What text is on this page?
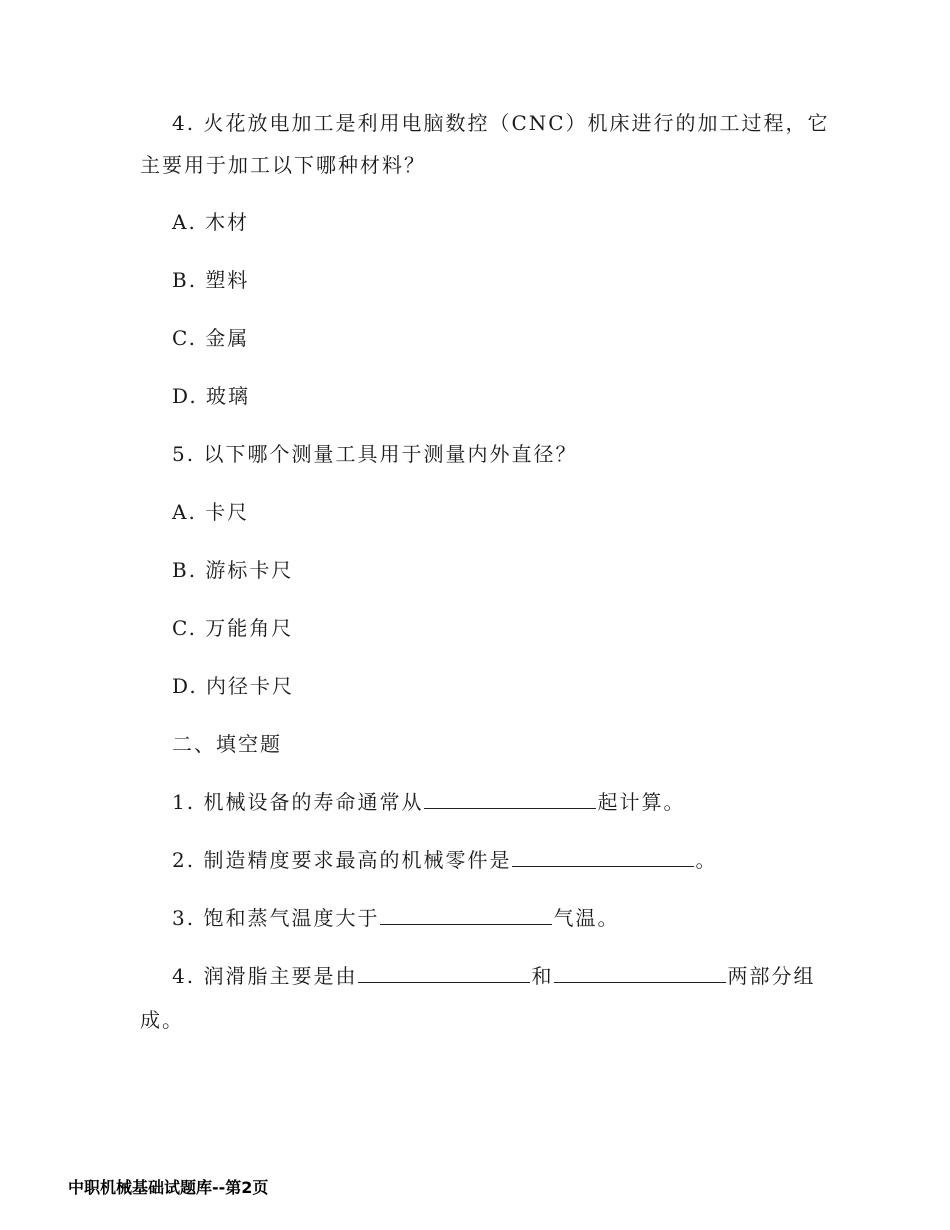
4. 火花放电加工是利用电脑数控（CNC）机床进行的加工过程，它
主要用于加工以下哪种材料？
A. 木材
B. 塑料
C. 金属
D. 玻璃
5. 以下哪个测量工具用于测量内外直径？
A. 卡尺
B. 游标卡尺
C. 万能角尺
D. 内径卡尺
二、填空题
1. 机械设备的寿命通常从	起计算。
2. 制造精度要求最高的机械零件是	。
3. 饱和蒸气温度大于	气温。
4. 润滑脂主要是由	和	两部分组
成。
中职机械基础试题库--第2页
